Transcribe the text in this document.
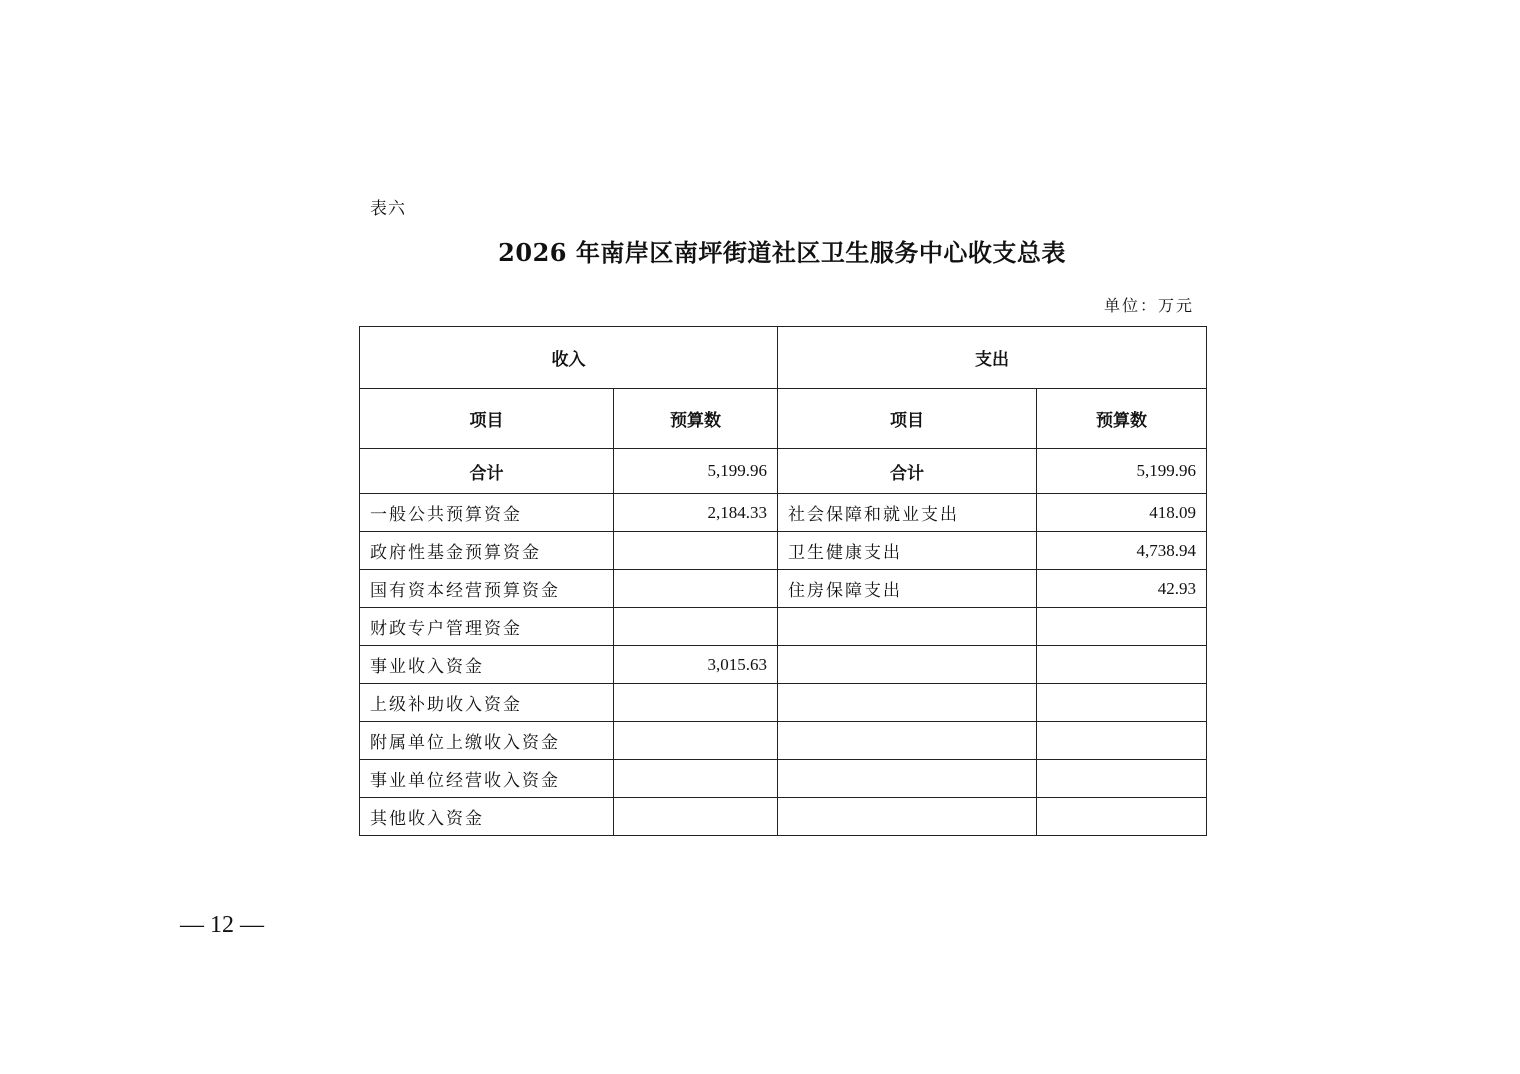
表六
2026 年南岸区南坪街道社区卫生服务中心收支总表
单位：万元
收入		支出	
项目	预算数	项目	预算数
合计	5,199.96	合计	5,199.96
一般公共预算资金	2,184.33	社会保障和就业支出	418.09
政府性基金预算资金		卫生健康支出	4,738.94
国有资本经营预算资金		住房保障支出	42.93
财政专户管理资金			
事业收入资金	3,015.63		
上级补助收入资金			
附属单位上缴收入资金			
事业单位经营收入资金			
其他收入资金			
— 12 —
